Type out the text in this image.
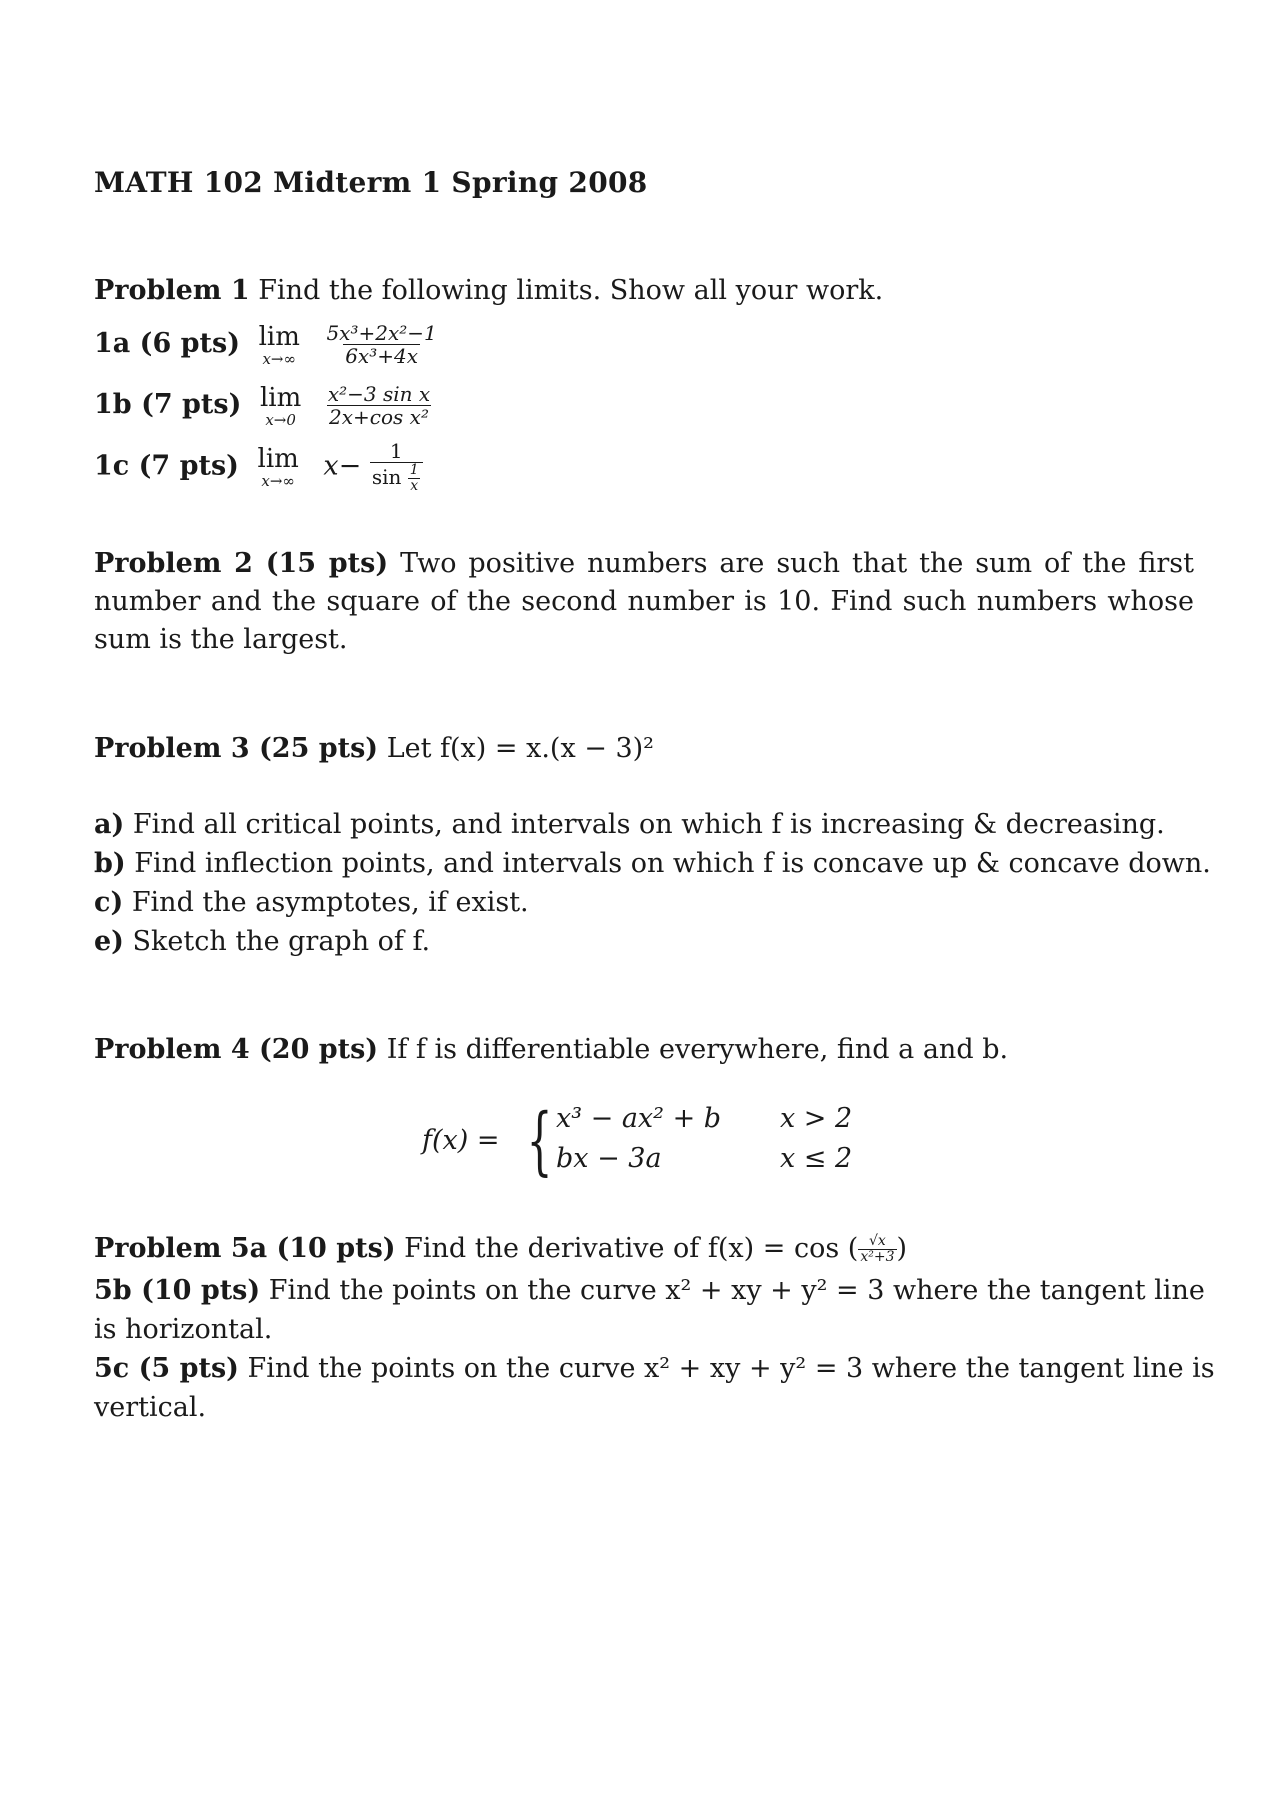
MATH 102 Midterm 1 Spring 2008
Problem 1 Find the following limits. Show all your work.
1a (6 pts) lim
x→∞
$\frac{\text{5x³+2x²−1}}{\text{6x³+4x}}$
1b (7 pts) lim
x→0
$\frac{\text{x²−3 sin x}}{\text{2x+cos x²}}$
1c (7 pts) lim
x→∞ $x- \frac{1}{\sin \frac{1}{x}}$
Problem 2 (15 pts) Two positive numbers are such that the sum of the first number and the square of the second number is 10. Find such numbers whose sum is the largest.
Problem 3 (25 pts) Let f(x) = x.(x − 3)²
a) Find all critical points, and intervals on which f is increasing & decreasing.
b) Find inflection points, and intervals on which f is concave up & concave down.
c) Find the asymptotes, if exist.
e) Sketch the graph of f.
Problem 4 (20 pts) If f is differentiable everywhere, find a and b.
f(x) = { x³ − ax² + b x > 2
bx − 3a	x ≤ 2
Problem 5a (10 pts) Find the derivative of f(x) = cos ( $\frac{√x}{\text{x²+3}}$ )
5b (10 pts) Find the points on the curve x² + xy + y² = 3 where the tangent line
is horizontal.
5c (5 pts) Find the points on the curve x² + xy + y² = 3 where the tangent line is
vertical.
